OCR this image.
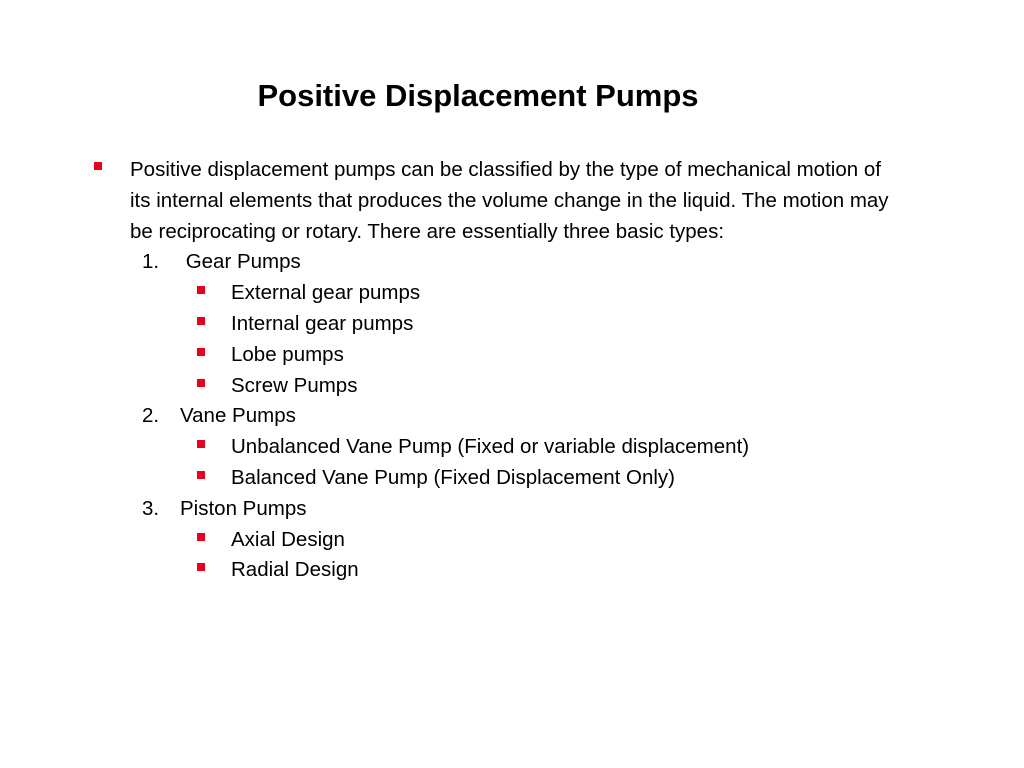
Positive Displacement Pumps
Positive displacement pumps can be classified by the type of mechanical motion of its internal elements that produces the volume change in the liquid. The motion may be reciprocating or rotary. There are essentially three basic types:
1. Gear Pumps
External gear pumps
Internal gear pumps
Lobe pumps
Screw Pumps
2. Vane Pumps
Unbalanced Vane Pump (Fixed or variable displacement)
Balanced Vane Pump (Fixed Displacement Only)
3. Piston Pumps
Axial Design
Radial Design
